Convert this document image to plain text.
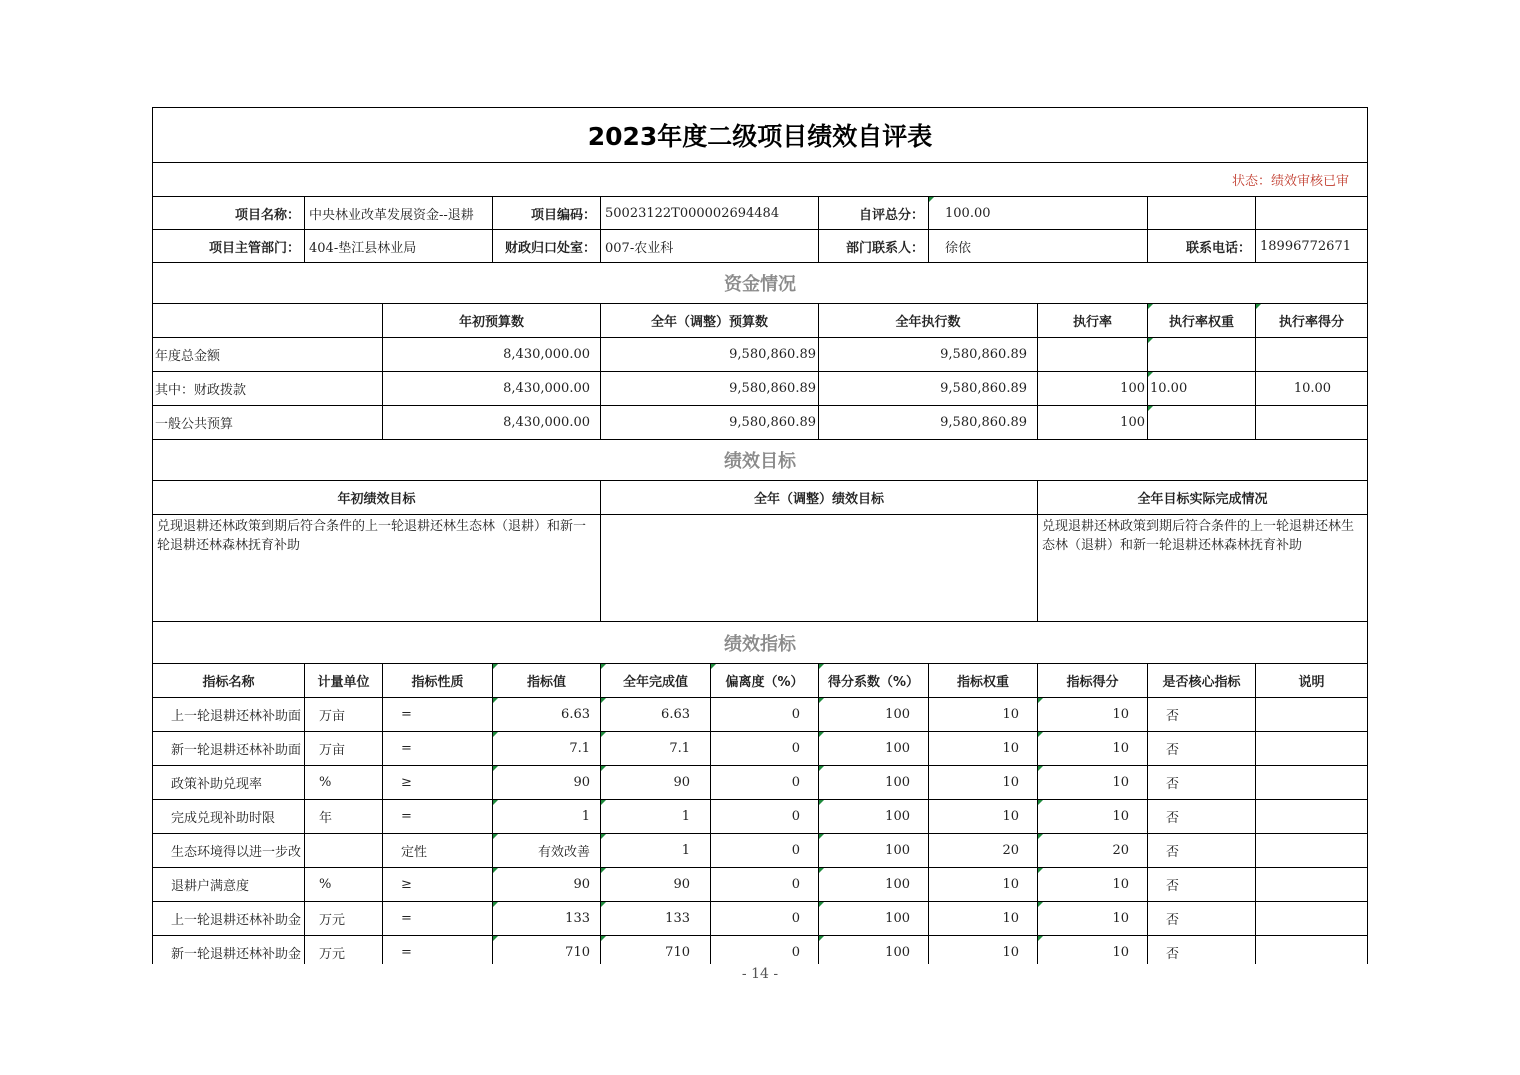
2023年度二级项目绩效自评表										
状态：绩效审核已审										
项目名称：	中央林业改革发展资金--退耕		项目编码：	50023122T000002694484		自评总分：	100.00			
项目主管部门：	404-垫江县林业局		财政归口处室：	007-农业科		部门联系人：	徐依		联系电话：	18996772671
资金情况										
		年初预算数		全年（调整）预算数		全年执行数		执行率	执行率权重	执行率得分
年度总金额		8,430,000.00		9,580,860.89		9,580,860.89				
其中：财政拨款		8,430,000.00		9,580,860.89		9,580,860.89		100	10.00	10.00
一般公共预算		8,430,000.00		9,580,860.89		9,580,860.89		100		
绩效目标										
年初绩效目标				全年（调整）绩效目标				全年目标实际完成情况		
兑现退耕还林政策到期后符合条件的上一轮退耕还林生态林（退耕）和新一轮退耕还林森林抚育补助								兑现退耕还林政策到期后符合条件的上一轮退耕还林生态林（退耕）和新一轮退耕还林森林抚育补助		
绩效指标										
指标名称	计量单位	指标性质	指标值	全年完成值	偏离度（%）	得分系数（%）	指标权重	指标得分	是否核心指标	说明
上一轮退耕还林补助面	万亩	=	6.63	6.63	0	100	10	10	否	
新一轮退耕还林补助面	万亩	=	7.1	7.1	0	100	10	10	否	
政策补助兑现率	%	≥	90	90	0	100	10	10	否	
完成兑现补助时限	年	=	1	1	0	100	10	10	否	
生态环境得以进一步改		定性	有效改善	1	0	100	20	20	否	
退耕户满意度	%	≥	90	90	0	100	10	10	否	
上一轮退耕还林补助金	万元	=	133	133	0	100	10	10	否	
新一轮退耕还林补助金	万元	=	710	710	0	100	10	10	否	
- 14 -
